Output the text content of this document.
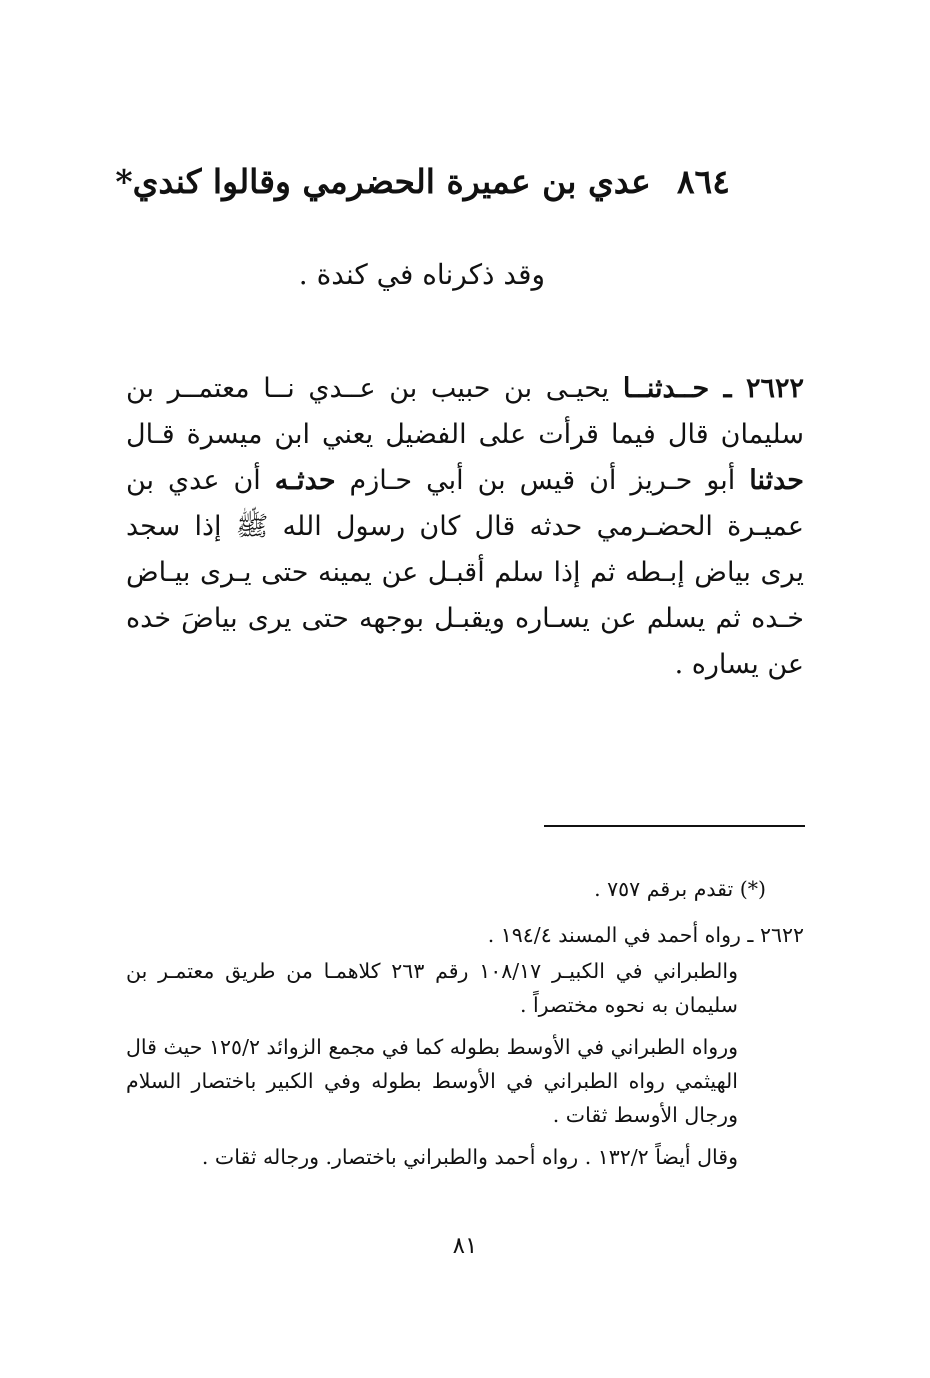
٨٦٤عدي بن عميرة الحضرمي وقالوا كندي*
وقد ذكرناه في كندة .
٢٦٢٢ ـ حــدثنــا يحيـى بن حبيب بن عــدي نــا معتمــر بن سليمان قال فيما قرأت على الفضيل يعني ابن ميسرة قـال حدثنا أبو حـريز أن قيس بن أبي حـازم حدثـه أن عدي بن عميـرة الحضـرمي حدثه قال كان رسول الله ﷺ إذا سجد يرى بياض إبـطه ثم إذا سلم أقبـل عن يمينه حتى يـرى بيـاض خـده ثم يسلم عن يسـاره ويقبـل بوجهه حتى يرى بياضَ خده عن يساره .

(*) تقدم برقم ٧٥٧ .

٢٦٢٢ ـ رواه أحمد في المسند ١٩٤/٤ .

والطبراني في الكبيـر ١٠٨/١٧ رقم ٢٦٣ كلاهمـا من طريق معتمـر بن سليمان به نحوه مختصراً .

ورواه الطبراني في الأوسط بطوله كما في مجمع الزوائد ١٢٥/٢ حيث قال الهيثمي رواه الطبراني في الأوسط بطوله وفي الكبير باختصار السلام ورجال الأوسط ثقات .

وقال أيضاً ١٣٢/٢ . رواه أحمد والطبراني باختصار. ورجاله ثقات .

٨١
